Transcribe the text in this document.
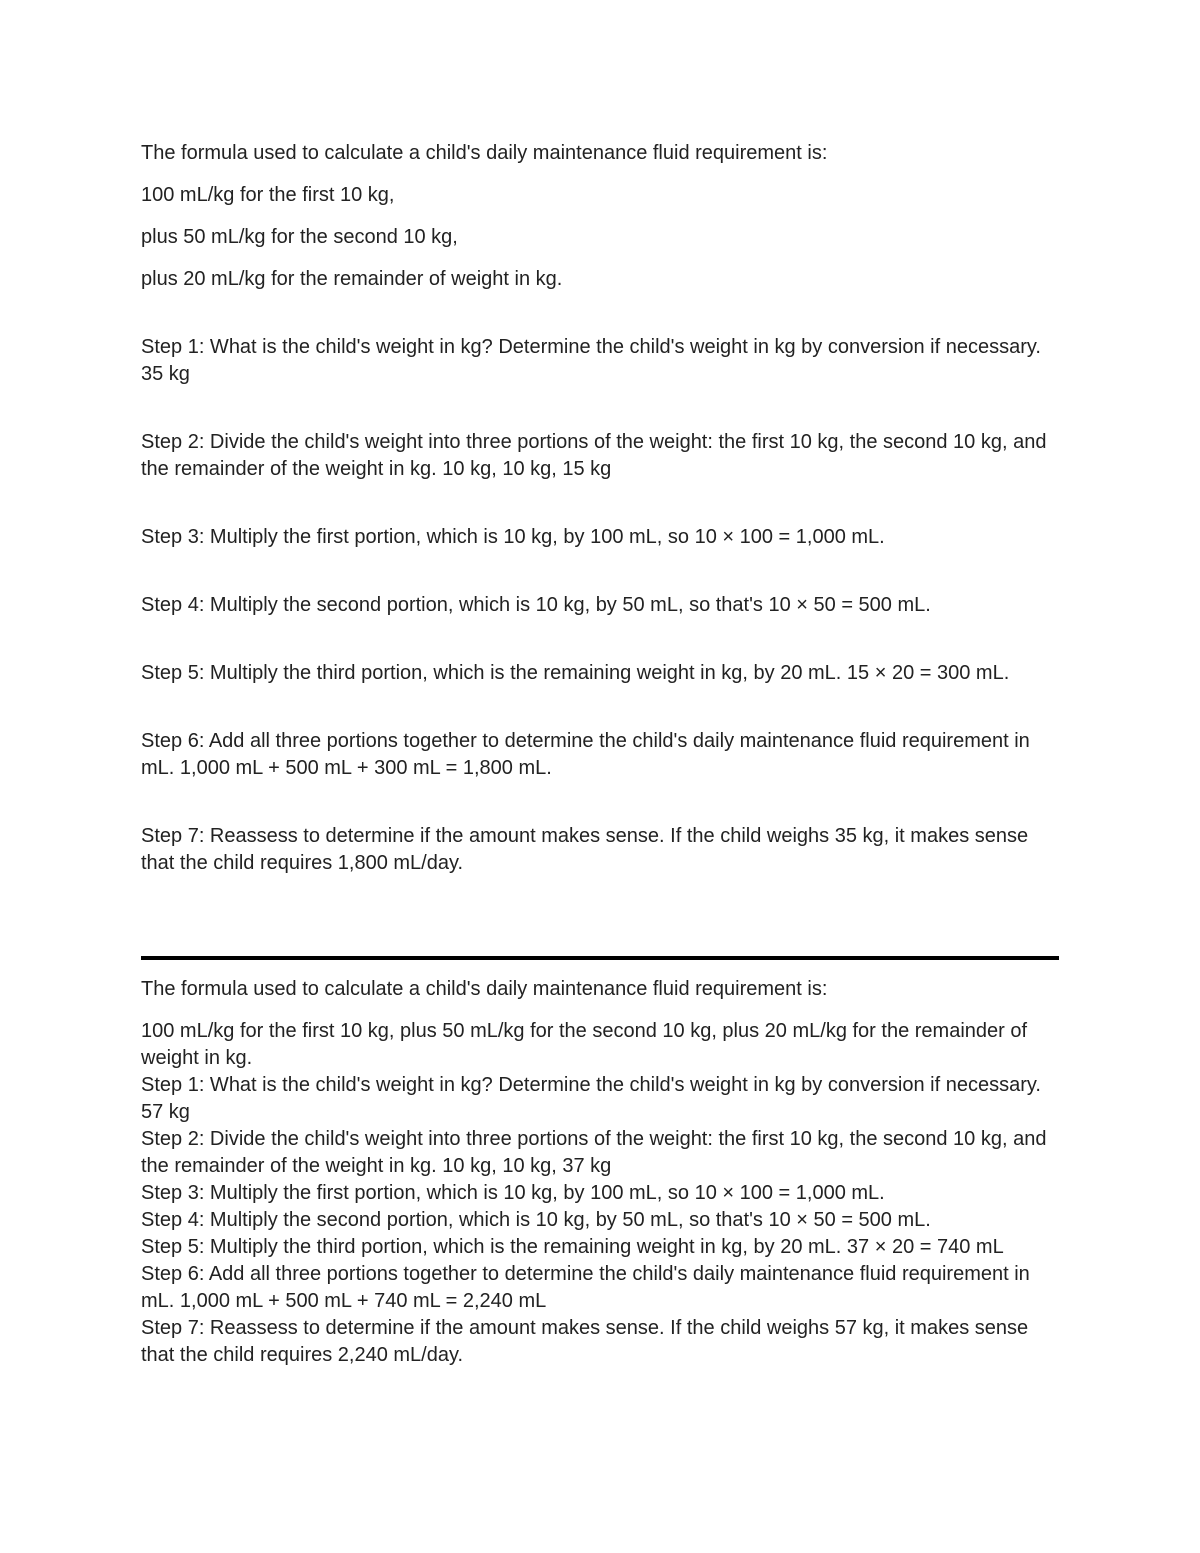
The formula used to calculate a child's daily maintenance fluid requirement is:

100 mL/kg for the first 10 kg,

plus 50 mL/kg for the second 10 kg,

plus 20 mL/kg for the remainder of weight in kg.

Step 1: What is the child's weight in kg? Determine the child's weight in kg by conversion if necessary. 35 kg

Step 2: Divide the child's weight into three portions of the weight: the first 10 kg, the second 10 kg, and the remainder of the weight in kg. 10 kg, 10 kg, 15 kg

Step 3: Multiply the first portion, which is 10 kg, by 100 mL, so 10 × 100 = 1,000 mL.

Step 4: Multiply the second portion, which is 10 kg, by 50 mL, so that's 10 × 50 = 500 mL.

Step 5: Multiply the third portion, which is the remaining weight in kg, by 20 mL. 15 × 20 = 300 mL.

Step 6: Add all three portions together to determine the child's daily maintenance fluid requirement in mL. 1,000 mL + 500 mL + 300 mL = 1,800 mL.

Step 7: Reassess to determine if the amount makes sense. If the child weighs 35 kg, it makes sense that the child requires 1,800 mL/day.

The formula used to calculate a child's daily maintenance fluid requirement is:

100 mL/kg for the first 10 kg, plus 50 mL/kg for the second 10 kg, plus 20 mL/kg for the remainder of weight in kg.

Step 1: What is the child's weight in kg? Determine the child's weight in kg by conversion if necessary. 57 kg

Step 2: Divide the child's weight into three portions of the weight: the first 10 kg, the second 10 kg, and the remainder of the weight in kg. 10 kg, 10 kg, 37 kg

Step 3: Multiply the first portion, which is 10 kg, by 100 mL, so 10 × 100 = 1,000 mL.

Step 4: Multiply the second portion, which is 10 kg, by 50 mL, so that's 10 × 50 = 500 mL.

Step 5: Multiply the third portion, which is the remaining weight in kg, by 20 mL. 37 × 20 = 740 mL

Step 6: Add all three portions together to determine the child's daily maintenance fluid requirement in mL. 1,000 mL + 500 mL + 740 mL = 2,240 mL

Step 7: Reassess to determine if the amount makes sense. If the child weighs 57 kg, it makes sense that the child requires 2,240 mL/day.
